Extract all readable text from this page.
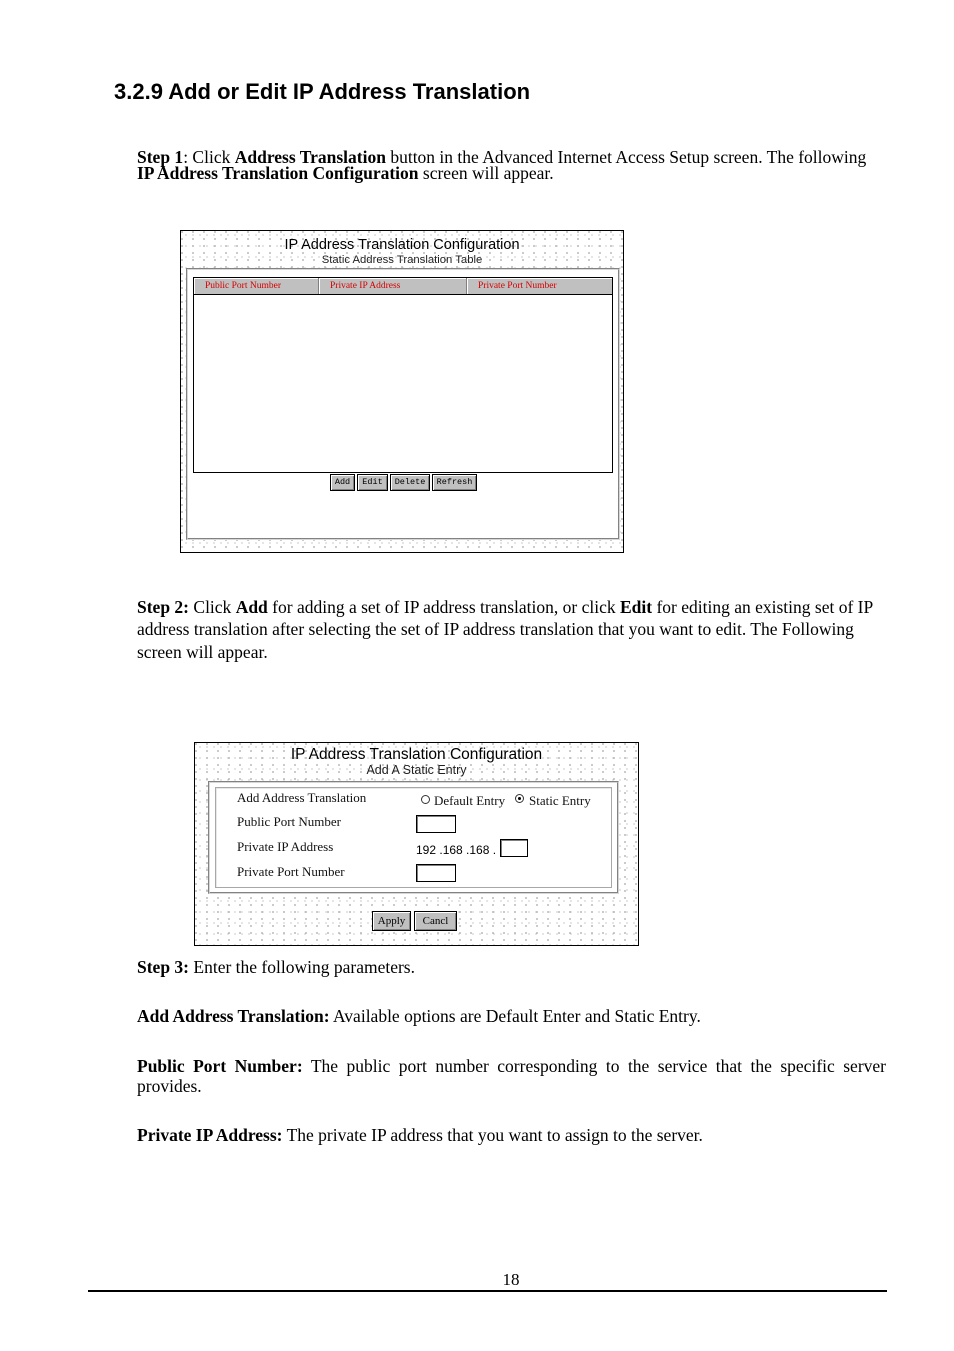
3.2.9 Add or Edit IP Address Translation
Step 1: Click Address Translation button in the Advanced Internet Access Setup screen. The following
IP Address Translation Configuration screen will appear.
IP Address Translation Configuration
Static Address Translation Table
Public Port Number	Private IP Address	Private Port Number
Add	Edit	Delete	Refresh
Step 2: Click Add for adding a set of IP address translation, or click Edit for editing an existing set of IP
address translation after selecting the set of IP address translation that you want to edit. The Following
screen will appear.
IP Address Translation Configuration
Add A Static Entry
Add Address Translation	Default Entry Static Entry
Public Port Number
Private IP Address	192 .168 .168 .
Private Port Number
Apply	Cancl
Step 3: Enter the following parameters.
Add Address Translation: Available options are Default Enter and Static Entry.
Public Port Number: The public port number corresponding to the service that the specific server
provides.
Private IP Address: The private IP address that you want to assign to the server.
18
